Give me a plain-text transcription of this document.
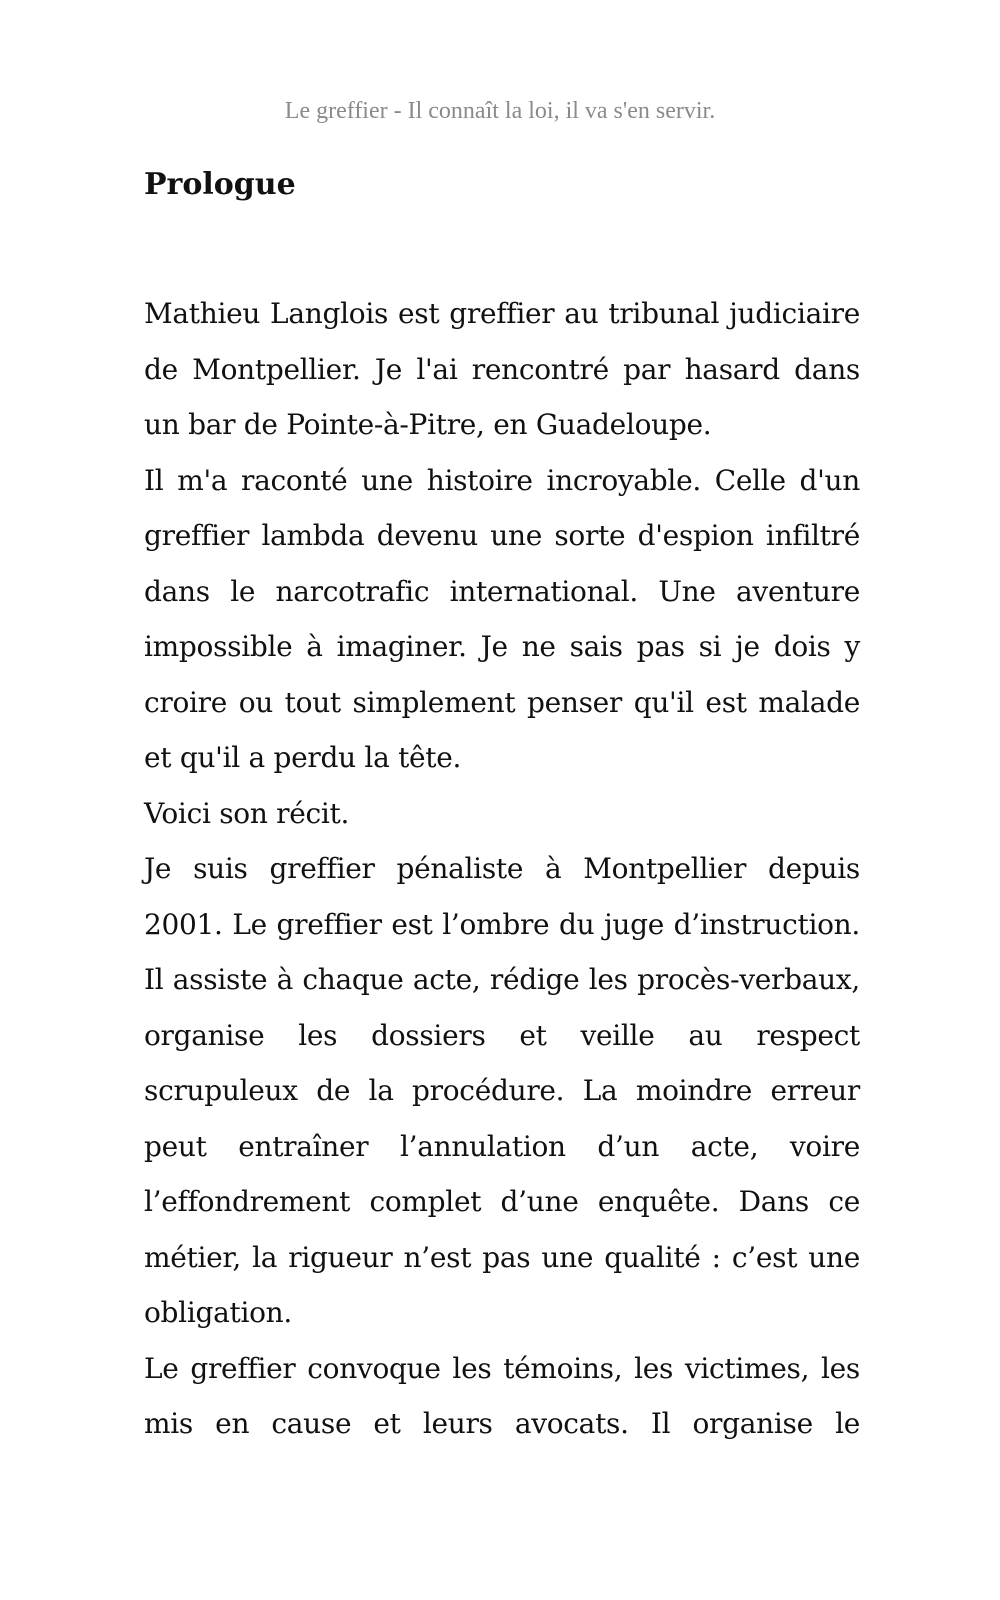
Le greffier - Il connaît la loi, il va s'en servir.

Prologue

Mathieu Langlois est greffier au tribunal judiciaire de Montpellier. Je l'ai rencontré par hasard dans un bar de Pointe-à-Pitre, en Guadeloupe.

Il m'a raconté une histoire incroyable. Celle d'un greffier lambda devenu une sorte d'espion infiltré dans le narcotrafic international. Une aventure impossible à imaginer. Je ne sais pas si je dois y croire ou tout simplement penser qu'il est malade et qu'il a perdu la tête.

Voici son récit.

Je suis greffier pénaliste à Montpellier depuis 2001. Le greffier est l’ombre du juge d’instruction. Il assiste à chaque acte, rédige les procès-verbaux, organise les dossiers et veille au respect scrupuleux de la procédure. La moindre erreur peut entraîner l’annulation d’un acte, voire l’effondrement complet d’une enquête. Dans ce métier, la rigueur n’est pas une qualité : c’est une obligation.

Le greffier convoque les témoins, les victimes, les mis en cause et leurs avocats. Il organise le
